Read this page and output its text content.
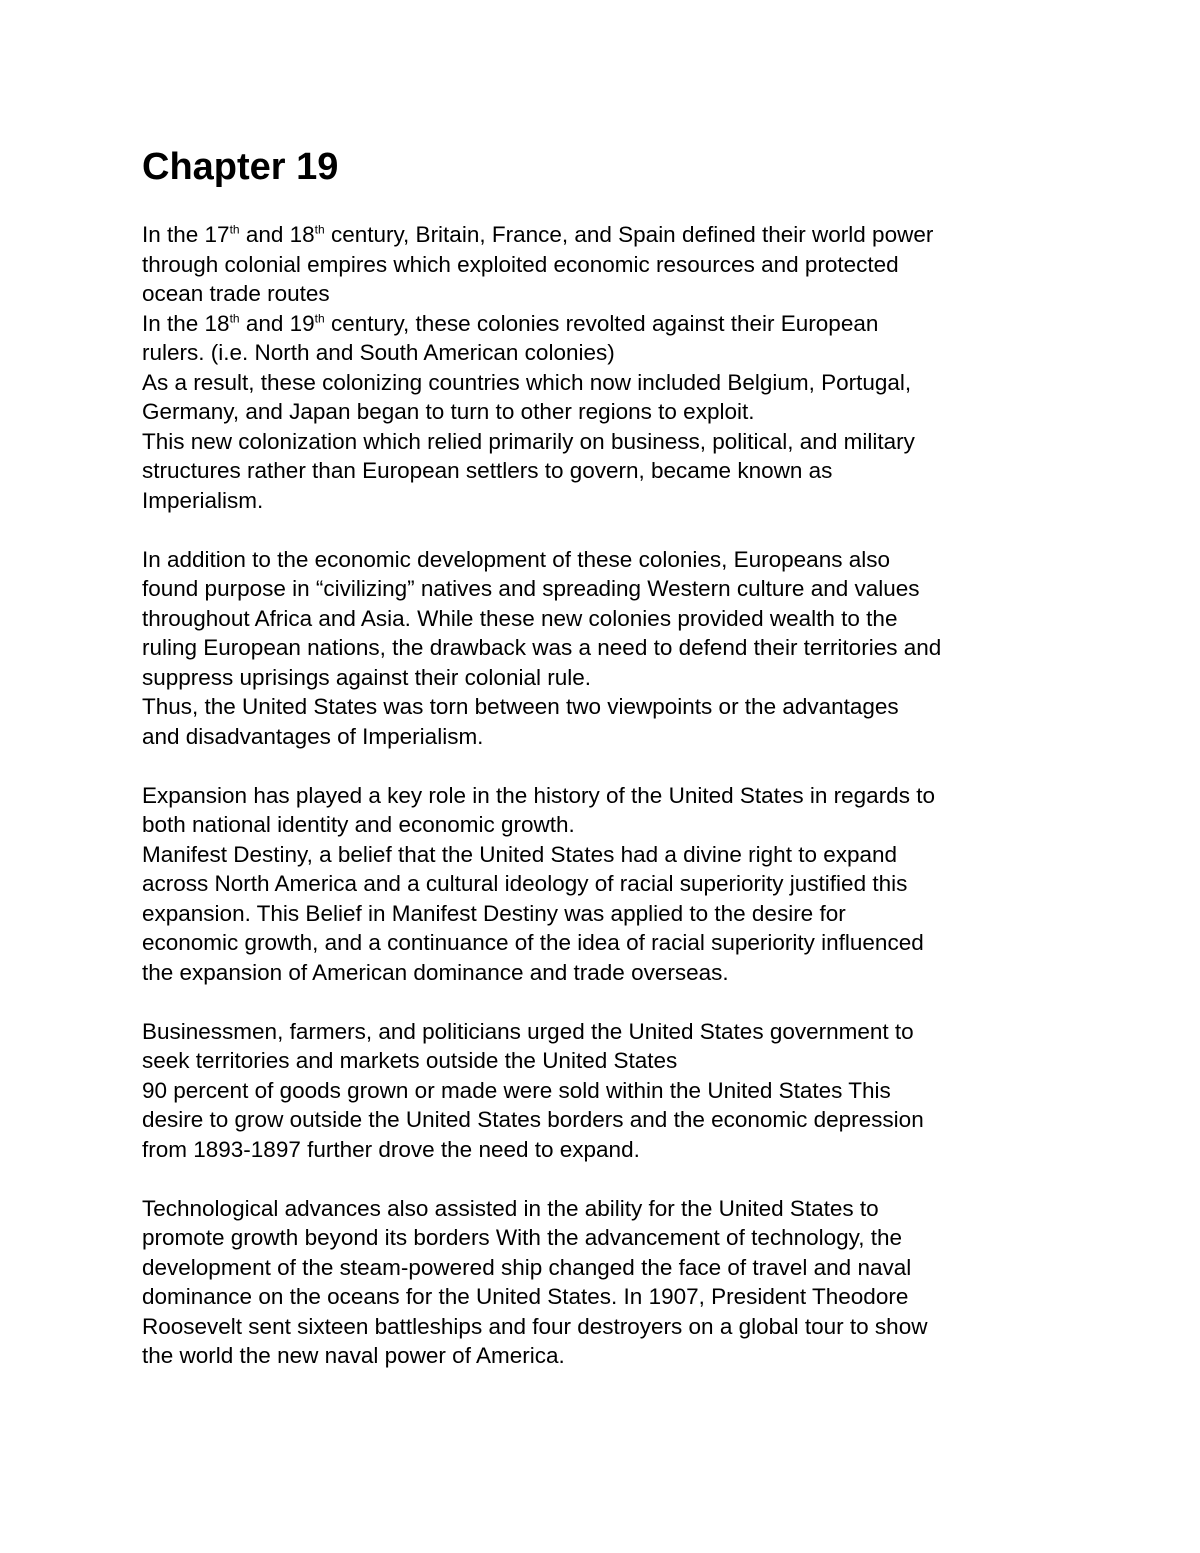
Chapter 19
In the 17th and 18th century, Britain, France, and Spain defined their world power
through colonial empires which exploited economic resources and protected
ocean trade routes
In the 18th and 19th century, these colonies revolted against their European
rulers. (i.e. North and South American colonies)
As a result, these colonizing countries which now included Belgium, Portugal,
Germany, and Japan began to turn to other regions to exploit.
This new colonization which relied primarily on business, political, and military
structures rather than European settlers to govern, became known as
Imperialism.
In addition to the economic development of these colonies, Europeans also
found purpose in “civilizing” natives and spreading Western culture and values
throughout Africa and Asia. While these new colonies provided wealth to the
ruling European nations, the drawback was a need to defend their territories and
suppress uprisings against their colonial rule.
Thus, the United States was torn between two viewpoints or the advantages
and disadvantages of Imperialism.
Expansion has played a key role in the history of the United States in regards to
both national identity and economic growth.
Manifest Destiny, a belief that the United States had a divine right to expand
across North America and a cultural ideology of racial superiority justified this
expansion. This Belief in Manifest Destiny was applied to the desire for
economic growth, and a continuance of the idea of racial superiority influenced
the expansion of American dominance and trade overseas.
Businessmen, farmers, and politicians urged the United States government to
seek territories and markets outside the United States
90 percent of goods grown or made were sold within the United States This
desire to grow outside the United States borders and the economic depression
from 1893-1897 further drove the need to expand.
Technological advances also assisted in the ability for the United States to
promote growth beyond its borders With the advancement of technology, the
development of the steam-powered ship changed the face of travel and naval
dominance on the oceans for the United States. In 1907, President Theodore
Roosevelt sent sixteen battleships and four destroyers on a global tour to show
the world the new naval power of America.
